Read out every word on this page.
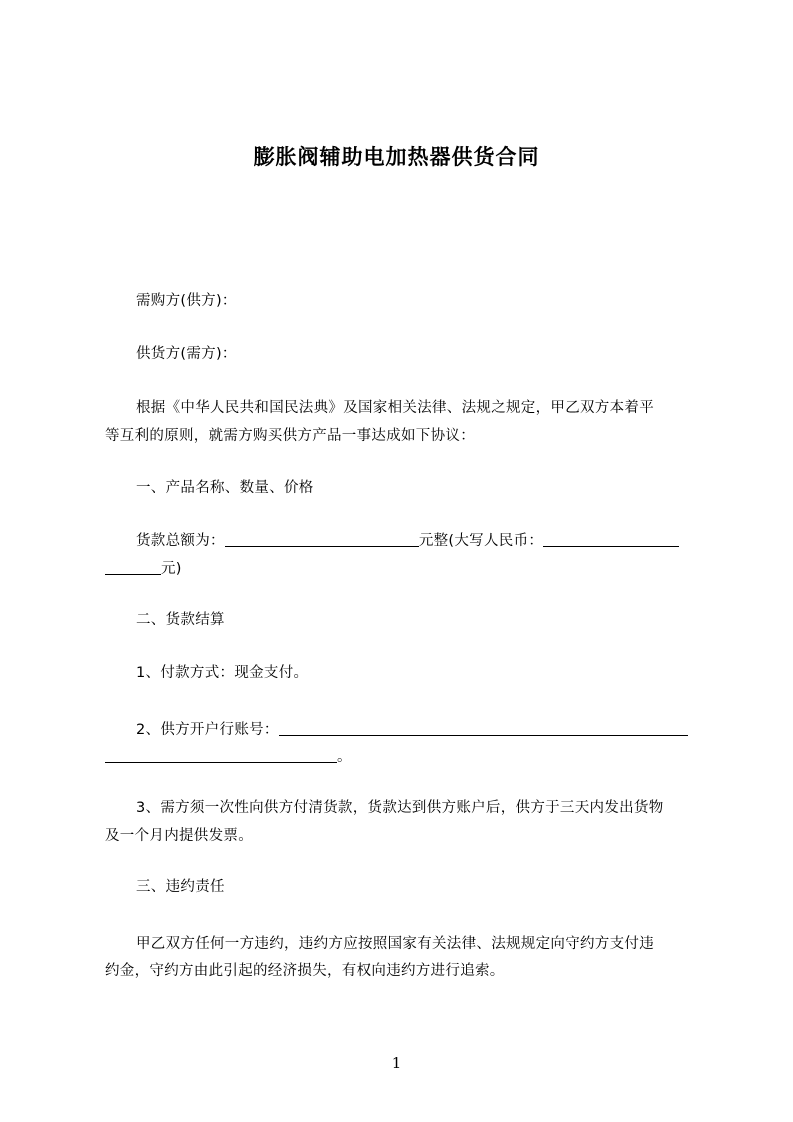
膨胀阀辅助电加热器供货合同
需购方(供方)：
供货方(需方)：
根据《中华人民共和国民法典》及国家相关法律、法规之规定，甲乙双方本着平
等互利的原则，就需方购买供方产品一事达成如下协议：
一、产品名称、数量、价格
货款总额为：	元整(大写人民币：
元)
二、货款结算
1、付款方式：现金支付。
2、供方开户行账号：
。
3、需方须一次性向供方付清货款，货款达到供方账户后，供方于三天内发出货物
及一个月内提供发票。
三、违约责任
甲乙双方任何一方违约，违约方应按照国家有关法律、法规规定向守约方支付违
约金，守约方由此引起的经济损失，有权向违约方进行追索。
1
